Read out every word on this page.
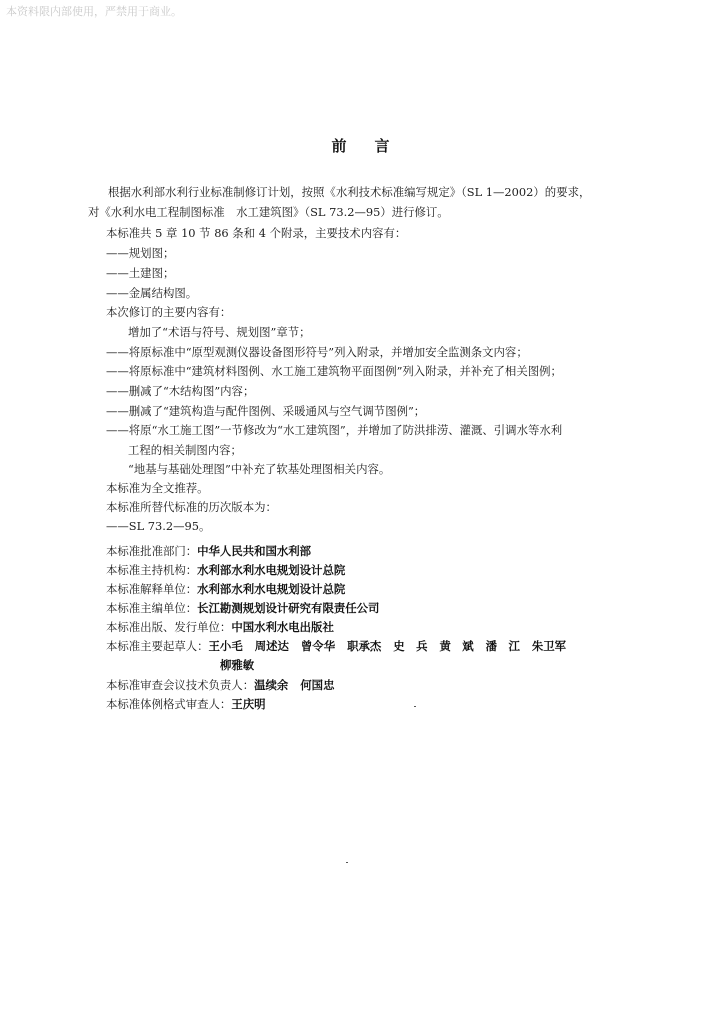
本资料限内部使用，严禁用于商业。
前言
根据水利部水利行业标准制修订计划，按照《水利技术标准编写规定》（SL 1—2002）的要求，
对《水利水电工程制图标准　水工建筑图》（SL 73.2—95）进行修订。
本标准共 5 章 10 节 86 条和 4 个附录，主要技术内容有：
——规划图；
——土建图；
——金属结构图。
本次修订的主要内容有：
增加了“术语与符号、规划图”章节；
——将原标准中“原型观测仪器设备图形符号”列入附录，并增加安全监测条文内容；
——将原标准中“建筑材料图例、水工施工建筑物平面图例”列入附录，并补充了相关图例；
——删减了“木结构图”内容；
——删减了“建筑构造与配件图例、采暖通风与空气调节图例”；
——将原“水工施工图”一节修改为“水工建筑图”，并增加了防洪排涝、灌溉、引调水等水利
工程的相关制图内容；
“地基与基础处理图”中补充了软基处理图相关内容。
本标准为全文推荐。
本标准所替代标准的历次版本为：
——SL 73.2—95。
本标准批准部门：中华人民共和国水利部
本标准主持机构：水利部水利水电规划设计总院
本标准解释单位：水利部水利水电规划设计总院
本标准主编单位：长江勘测规划设计研究有限责任公司
本标准出版、发行单位：中国水利水电出版社
本标准主要起草人：王小毛 周述达 曾令华 职承杰 史　兵 黄　斌 潘　江 朱卫军
柳雅敏
本标准审查会议技术负责人：温续余 何国忠
本标准体例格式审查人：王庆明
